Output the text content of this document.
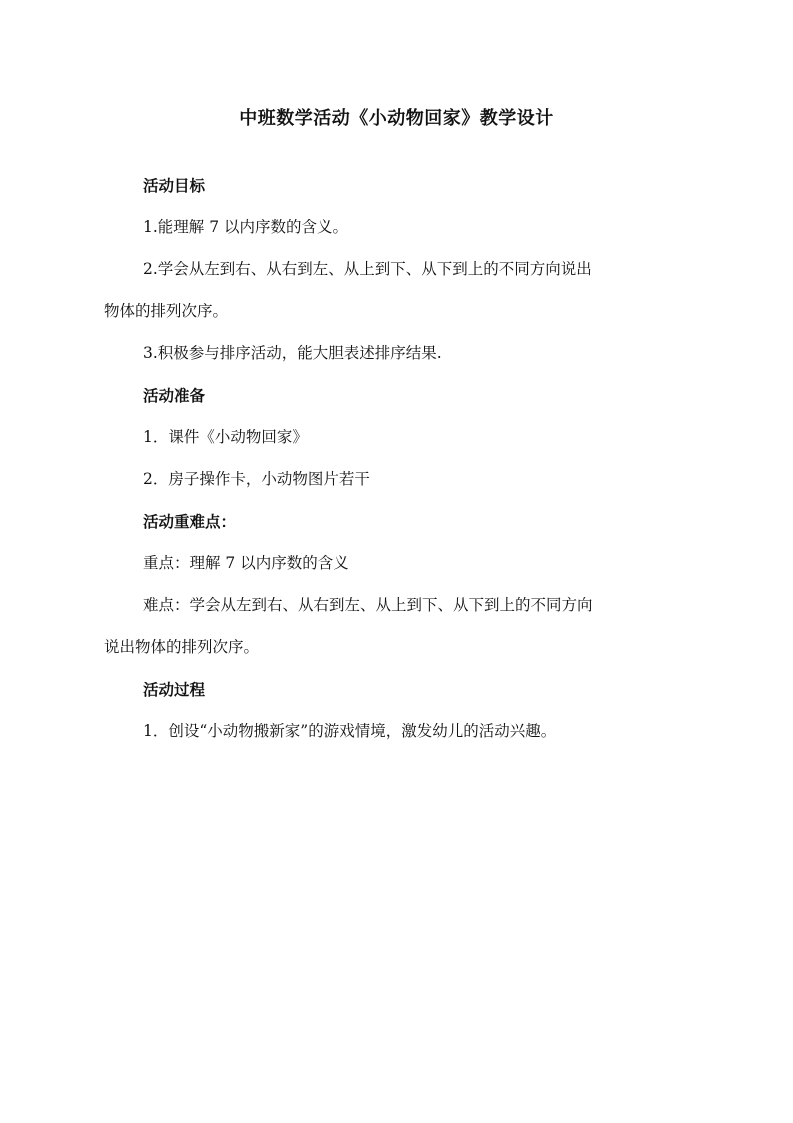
中班数学活动《小动物回家》教学设计
活动目标
1.能理解 7 以内序数的含义。
2.学会从左到右、从右到左、从上到下、从下到上的不同方向说出
物体的排列次序。
3.积极参与排序活动，能大胆表述排序结果.
活动准备
1．课件《小动物回家》
2．房子操作卡，小动物图片若干
活动重难点：
重点：理解 7 以内序数的含义
难点：学会从左到右、从右到左、从上到下、从下到上的不同方向
说出物体的排列次序。
活动过程
1．创设“小动物搬新家”的游戏情境，激发幼儿的活动兴趣。
